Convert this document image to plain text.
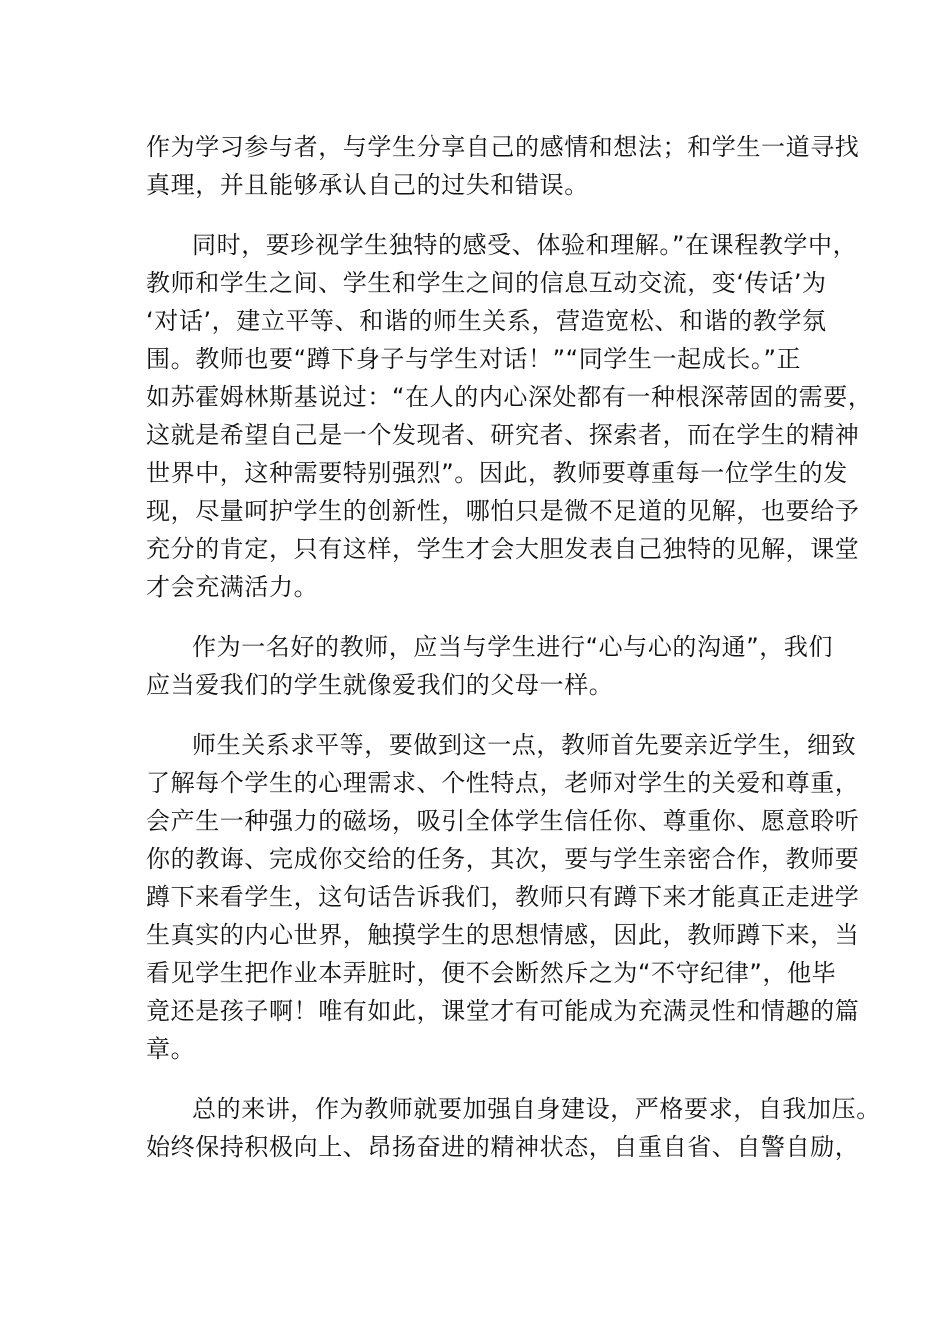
作为学习参与者，与学生分享自己的感情和想法；和学生一道寻找
真理，并且能够承认自己的过失和错误。
同时，要珍视学生独特的感受、体验和理解。”在课程教学中，
教师和学生之间、学生和学生之间的信息互动交流，变‘传话’为
‘对话’，建立平等、和谐的师生关系，营造宽松、和谐的教学氛
围。教师也要“蹲下身子与学生对话！”“同学生一起成长。”正
如苏霍姆林斯基说过：“在人的内心深处都有一种根深蒂固的需要，
这就是希望自己是一个发现者、研究者、探索者，而在学生的精神
世界中，这种需要特别强烈”。因此，教师要尊重每一位学生的发
现，尽量呵护学生的创新性，哪怕只是微不足道的见解，也要给予
充分的肯定，只有这样，学生才会大胆发表自己独特的见解，课堂
才会充满活力。
作为一名好的教师，应当与学生进行“心与心的沟通”，我们
应当爱我们的学生就像爱我们的父母一样。
师生关系求平等，要做到这一点，教师首先要亲近学生，细致
了解每个学生的心理需求、个性特点，老师对学生的关爱和尊重，
会产生一种强力的磁场，吸引全体学生信任你、尊重你、愿意聆听
你的教诲、完成你交给的任务，其次，要与学生亲密合作，教师要
蹲下来看学生，这句话告诉我们，教师只有蹲下来才能真正走进学
生真实的内心世界，触摸学生的思想情感，因此，教师蹲下来，当
看见学生把作业本弄脏时，便不会断然斥之为“不守纪律”，他毕
竟还是孩子啊！唯有如此，课堂才有可能成为充满灵性和情趣的篇
章。
总的来讲，作为教师就要加强自身建设，严格要求，自我加压。
始终保持积极向上、昂扬奋进的精神状态，自重自省、自警自励，
